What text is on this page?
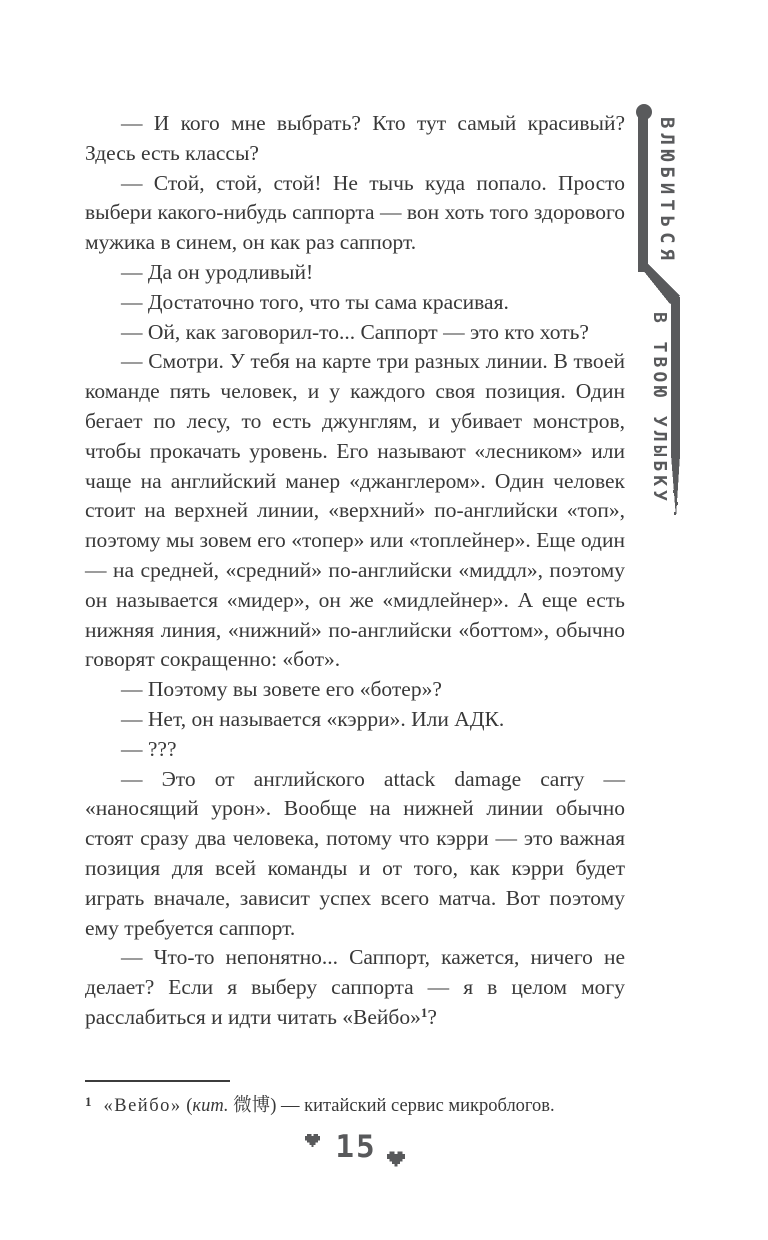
— И кого мне выбрать? Кто тут самый красивый? Здесь есть классы?

— Стой, стой, стой! Не тычь куда попало. Просто выбери какого-нибудь саппорта — вон хоть того здорового мужика в синем, он как раз саппорт.

— Да он уродливый!

— Достаточно того, что ты сама красивая.

— Ой, как заговорил-то... Саппорт — это кто хоть?

— Смотри. У тебя на карте три разных линии. В твоей команде пять человек, и у каждого своя позиция. Один бегает по лесу, то есть джунглям, и убивает монстров, чтобы прокачать уровень. Его называют «лесником» или чаще на английский манер «джанглером». Один человек стоит на верхней линии, «верхний» по-английски «топ», поэтому мы зовем его «топер» или «топлейнер». Еще один — на средней, «средний» по-английски «миддл», поэтому он называется «мидер», он же «мидлейнер». А еще есть нижняя линия, «нижний» по-английски «боттом», обычно говорят сокращенно: «бот».

— Поэтому вы зовете его «ботер»?

— Нет, он называется «кэрри». Или АДК.

— ???

— Это от английского attack damage carry — «наносящий урон». Вообще на нижней линии обычно стоят сразу два человека, потому что кэрри — это важная позиция для всей команды и от того, как кэрри будет играть вначале, зависит успех всего матча. Вот поэтому ему требуется саппорт.

— Что-то непонятно... Саппорт, кажется, ничего не делает? Если я выберу саппорта — я в целом могу расслабиться и идти читать «Вейбо»$^1$?

ВЛЮБИТЬСЯ
В ТВОЮ УЛЫБКУ

$^1$ «Вейбо» (кит. 微博) — китайский сервис микроблогов.

15
